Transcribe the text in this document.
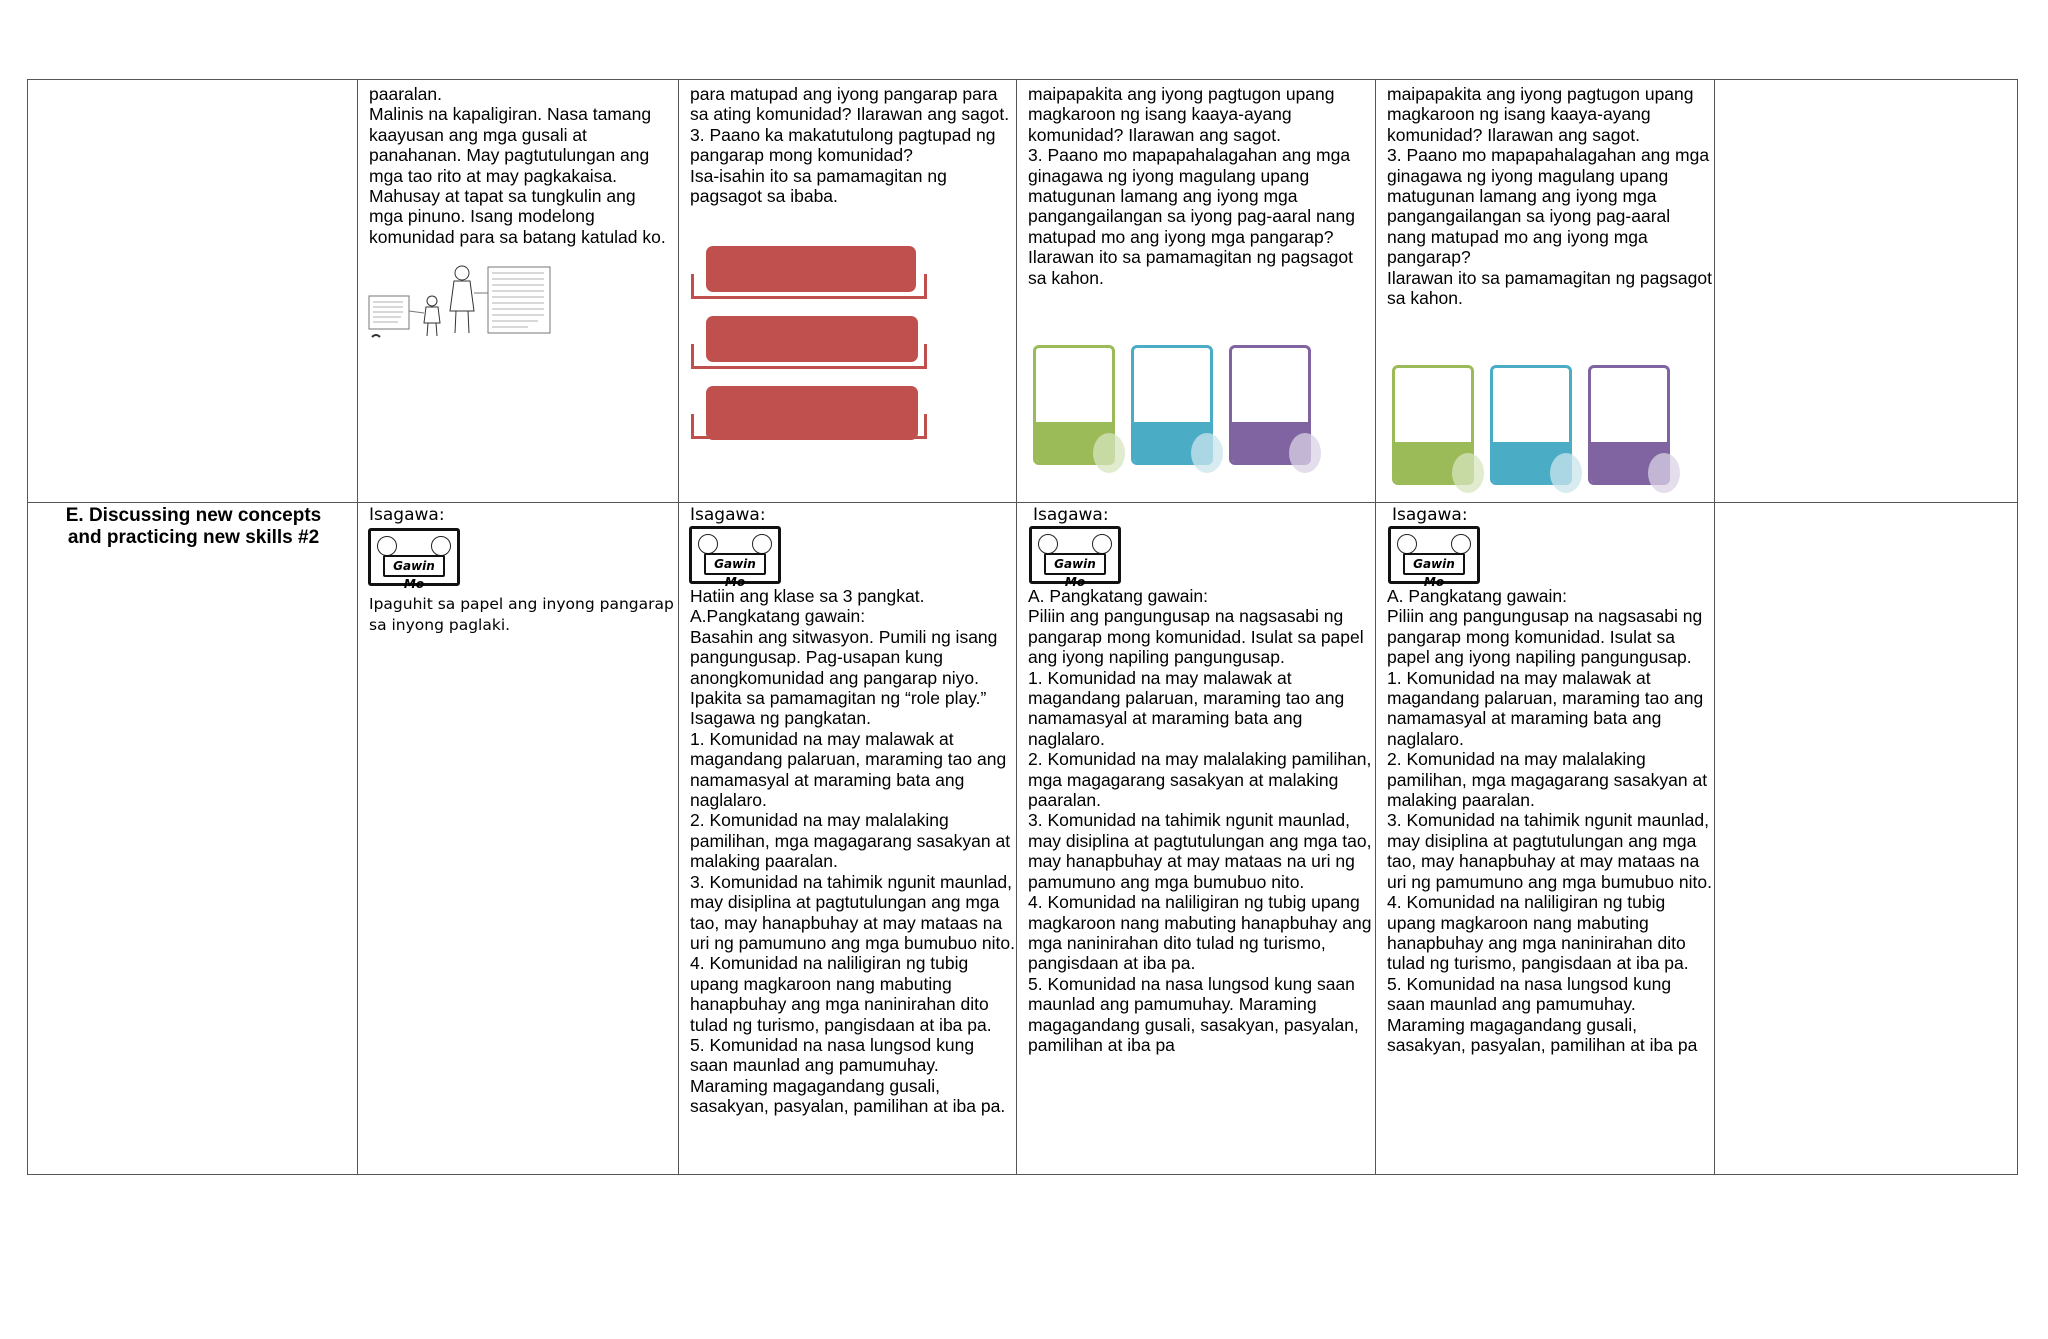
paaralan.
Malinis na kapaligiran. Nasa tamang kaayusan ang mga gusali at panahanan. May pagtutulungan ang mga tao rito at may pagkakaisa. Mahusay at tapat sa tungkulin ang mga pinuno. Isang modelong komunidad para sa batang katulad ko.
para matupad ang iyong pangarap para sa ating komunidad? Ilarawan ang sagot.
3. Paano ka makatutulong pagtupad ng pangarap mong komunidad?
Isa-isahin ito sa pamamagitan ng pagsagot sa ibaba.
maipapakita ang iyong pagtugon upang magkaroon ng isang kaaya-ayang komunidad? Ilarawan ang sagot.
3. Paano mo mapapahalagahan ang mga ginagawa ng iyong magulang upang matugunan lamang ang iyong mga pangangailangan sa iyong pag-aaral nang matupad mo ang iyong mga pangarap? Ilarawan ito sa pamamagitan ng pagsagot sa kahon.
maipapakita ang iyong pagtugon upang magkaroon ng isang kaaya-ayang komunidad? Ilarawan ang sagot.
3. Paano mo mapapahalagahan ang mga ginagawa ng iyong magulang upang matugunan lamang ang iyong mga pangangailangan sa iyong pag-aaral nang matupad mo ang iyong mga pangarap?
Ilarawan ito sa pamamagitan ng pagsagot sa kahon.
E. Discussing new concepts
and practicing new skills #2
Isagawa:
Gawin Mo
Ipaguhit sa papel ang inyong pangarap
sa inyong paglaki.
Isagawa:
Gawin Mo
Hatiin ang klase sa 3 pangkat.
A.Pangkatang gawain:
Basahin ang sitwasyon. Pumili ng isang pangungusap. Pag-usapan kung anongkomunidad ang pangarap niyo. Ipakita sa pamamagitan ng “role play.” Isagawa ng pangkatan.
1. Komunidad na may malawak at magandang palaruan, maraming tao ang namamasyal at maraming bata ang naglalaro.
2. Komunidad na may malalaking pamilihan, mga magagarang sasakyan at malaking paaralan.
3. Komunidad na tahimik ngunit maunlad, may disiplina at pagtutulungan ang mga tao, may hanapbuhay at may mataas na uri ng pamumuno ang mga bumubuo nito.
4. Komunidad na naliligiran ng tubig upang magkaroon nang mabuting hanapbuhay ang mga naninirahan dito tulad ng turismo, pangisdaan at iba pa.
5. Komunidad na nasa lungsod kung saan maunlad ang pamumuhay. Maraming magagandang gusali, sasakyan, pasyalan, pamilihan at iba pa.
Isagawa:
Gawin Mo
A. Pangkatang gawain:
Piliin ang pangungusap na nagsasabi ng pangarap mong komunidad. Isulat sa papel ang iyong napiling pangungusap.
1. Komunidad na may malawak at magandang palaruan, maraming tao ang namamasyal at maraming bata ang naglalaro.
2. Komunidad na may malalaking pamilihan, mga magagarang sasakyan at malaking paaralan.
3. Komunidad na tahimik ngunit maunlad, may disiplina at pagtutulungan ang mga tao, may hanapbuhay at may mataas na uri ng pamumuno ang mga bumubuo nito.
4. Komunidad na naliligiran ng tubig upang magkaroon nang mabuting hanapbuhay ang mga naninirahan dito tulad ng turismo, pangisdaan at iba pa.
5. Komunidad na nasa lungsod kung saan maunlad ang pamumuhay. Maraming magagandang gusali, sasakyan, pasyalan, pamilihan at iba pa
Isagawa:
Gawin Mo
A. Pangkatang gawain:
Piliin ang pangungusap na nagsasabi ng pangarap mong komunidad. Isulat sa papel ang iyong napiling pangungusap.
1. Komunidad na may malawak at magandang palaruan, maraming tao ang namamasyal at maraming bata ang naglalaro.
2. Komunidad na may malalaking pamilihan, mga magagarang sasakyan at malaking paaralan.
3. Komunidad na tahimik ngunit maunlad, may disiplina at pagtutulungan ang mga tao, may hanapbuhay at may mataas na uri ng pamumuno ang mga bumubuo nito.
4. Komunidad na naliligiran ng tubig upang magkaroon nang mabuting hanapbuhay ang mga naninirahan dito tulad ng turismo, pangisdaan at iba pa.
5. Komunidad na nasa lungsod kung saan maunlad ang pamumuhay. Maraming magagandang gusali, sasakyan, pasyalan, pamilihan at iba pa
